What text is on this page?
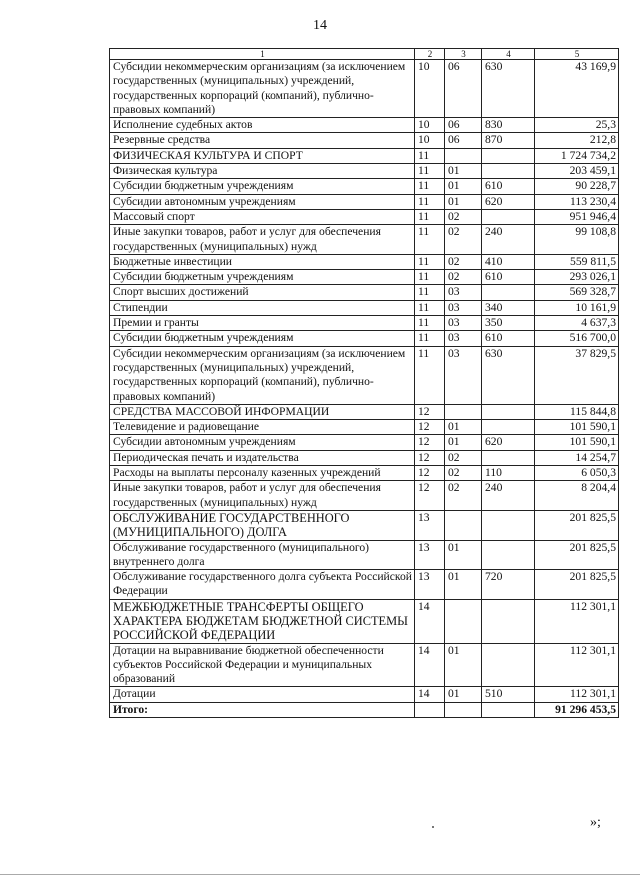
14
1	2	3	4	5
Субсидии некоммерческим организациям (за исключением государственных (муниципальных) учреждений, государственных корпораций (компаний), публично-правовых компаний)	10	06	630	43 169,9
Исполнение судебных актов	10	06	830	25,3
Резервные средства	10	06	870	212,8
ФИЗИЧЕСКАЯ КУЛЬТУРА И СПОРТ	11			1 724 734,2
Физическая культура	11	01		203 459,1
Субсидии бюджетным учреждениям	11	01	610	90 228,7
Субсидии автономным учреждениям	11	01	620	113 230,4
Массовый спорт	11	02		951 946,4
Иные закупки товаров, работ и услуг для обеспечения государственных (муниципальных) нужд	11	02	240	99 108,8
Бюджетные инвестиции	11	02	410	559 811,5
Субсидии бюджетным учреждениям	11	02	610	293 026,1
Спорт высших достижений	11	03		569 328,7
Стипендии	11	03	340	10 161,9
Премии и гранты	11	03	350	4 637,3
Субсидии бюджетным учреждениям	11	03	610	516 700,0
Субсидии некоммерческим организациям (за исключением государственных (муниципальных) учреждений, государственных корпораций (компаний), публично-правовых компаний)	11	03	630	37 829,5
СРЕДСТВА МАССОВОЙ ИНФОРМАЦИИ	12			115 844,8
Телевидение и радиовещание	12	01		101 590,1
Субсидии автономным учреждениям	12	01	620	101 590,1
Периодическая печать и издательства	12	02		14 254,7
Расходы на выплаты персоналу казенных учреждений	12	02	110	6 050,3
Иные закупки товаров, работ и услуг для обеспечения государственных (муниципальных) нужд	12	02	240	8 204,4
ОБСЛУЖИВАНИЕ ГОСУДАРСТВЕННОГО (МУНИЦИПАЛЬНОГО) ДОЛГА	13			201 825,5
Обслуживание государственного (муниципального) внутреннего долга	13	01		201 825,5
Обслуживание государственного долга субъекта Российской Федерации	13	01	720	201 825,5
МЕЖБЮДЖЕТНЫЕ ТРАНСФЕРТЫ ОБЩЕГО ХАРАКТЕРА БЮДЖЕТАМ БЮДЖЕТНОЙ СИСТЕМЫ РОССИЙСКОЙ ФЕДЕРАЦИИ	14			112 301,1
Дотации на выравнивание бюджетной обеспеченности субъектов Российской Федерации и муниципальных образований	14	01		112 301,1
Дотации	14	01	510	112 301,1
Итого:				91 296 453,5
»;
